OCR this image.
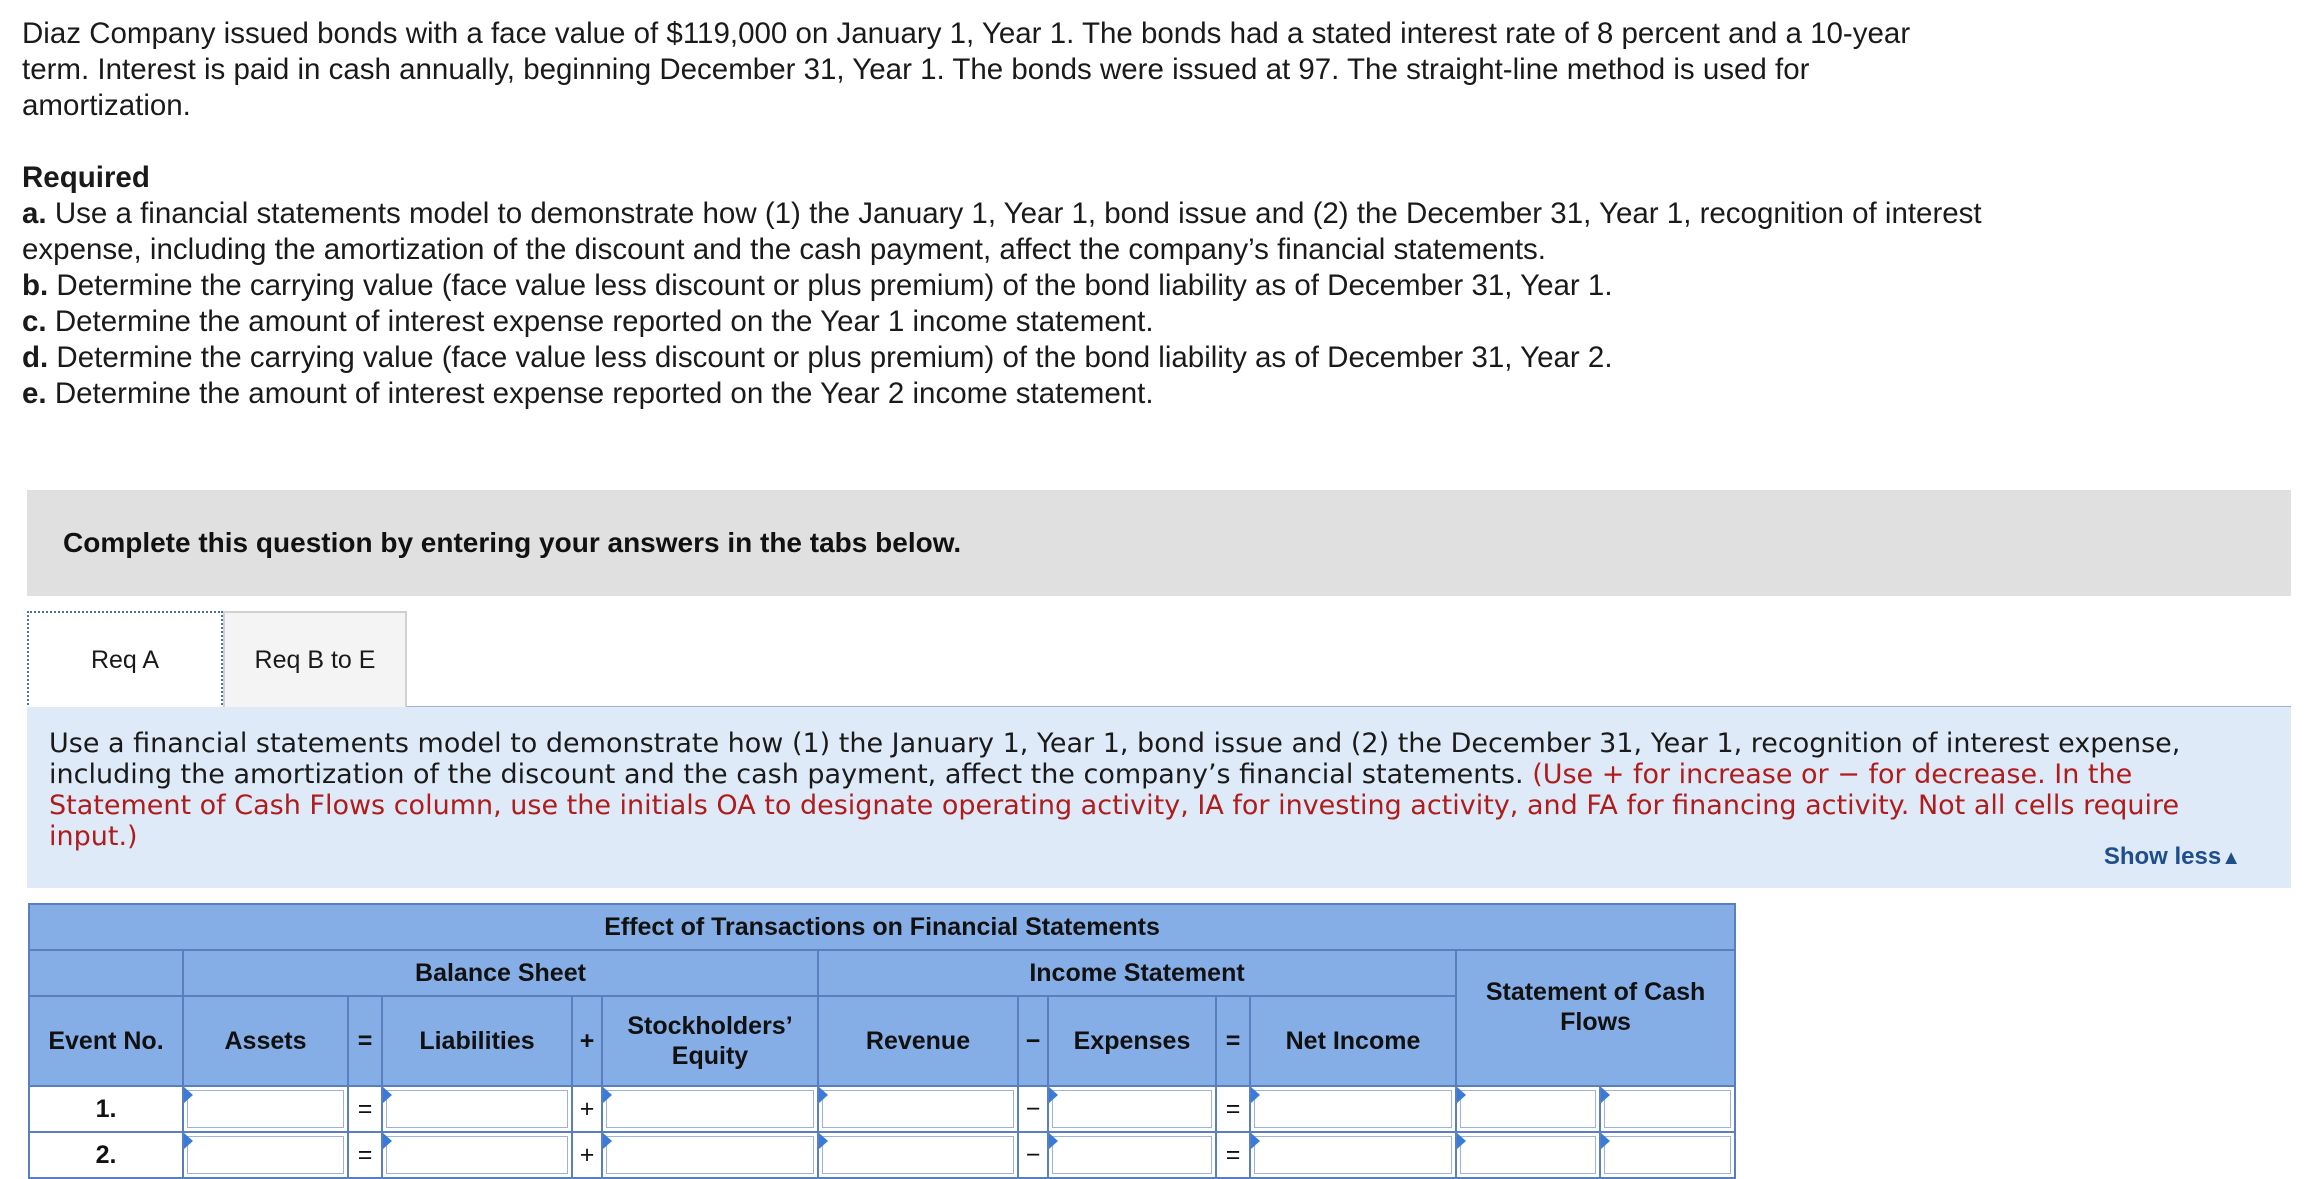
Diaz Company issued bonds with a face value of $119,000 on January 1, Year 1. The bonds had a stated interest rate of 8 percent and a 10-year term. Interest is paid in cash annually, beginning December 31, Year 1. The bonds were issued at 97. The straight-line method is used for amortization.

Required

a. Use a financial statements model to demonstrate how (1) the January 1, Year 1, bond issue and (2) the December 31, Year 1, recognition of interest expense, including the amortization of the discount and the cash payment, affect the company’s financial statements.

b. Determine the carrying value (face value less discount or plus premium) of the bond liability as of December 31, Year 1.

c. Determine the amount of interest expense reported on the Year 1 income statement.

d. Determine the carrying value (face value less discount or plus premium) of the bond liability as of December 31, Year 2.

e. Determine the amount of interest expense reported on the Year 2 income statement.

Complete this question by entering your answers in the tabs below.
Req A	Req B to E
Use a financial statements model to demonstrate how (1) the January 1, Year 1, bond issue and (2) the December 31, Year 1, recognition of interest expense, including the amortization of the discount and the cash payment, affect the company’s financial statements. (Use + for increase or − for decrease. In the Statement of Cash Flows column, use the initials OA to designate operating activity, IA for investing activity, and FA for financing activity. Not all cells require input.)
Show less▲
Effect of Transactions on Financial Statements												
	Balance Sheet					Income Statement					Statement of Cash Flows	
Event No.	Assets	=	Liabilities	+	Stockholders’ Equity	Revenue	−	Expenses	=	Net Income		
1.		=		+			−		=	

2.		=		+			−		=	
